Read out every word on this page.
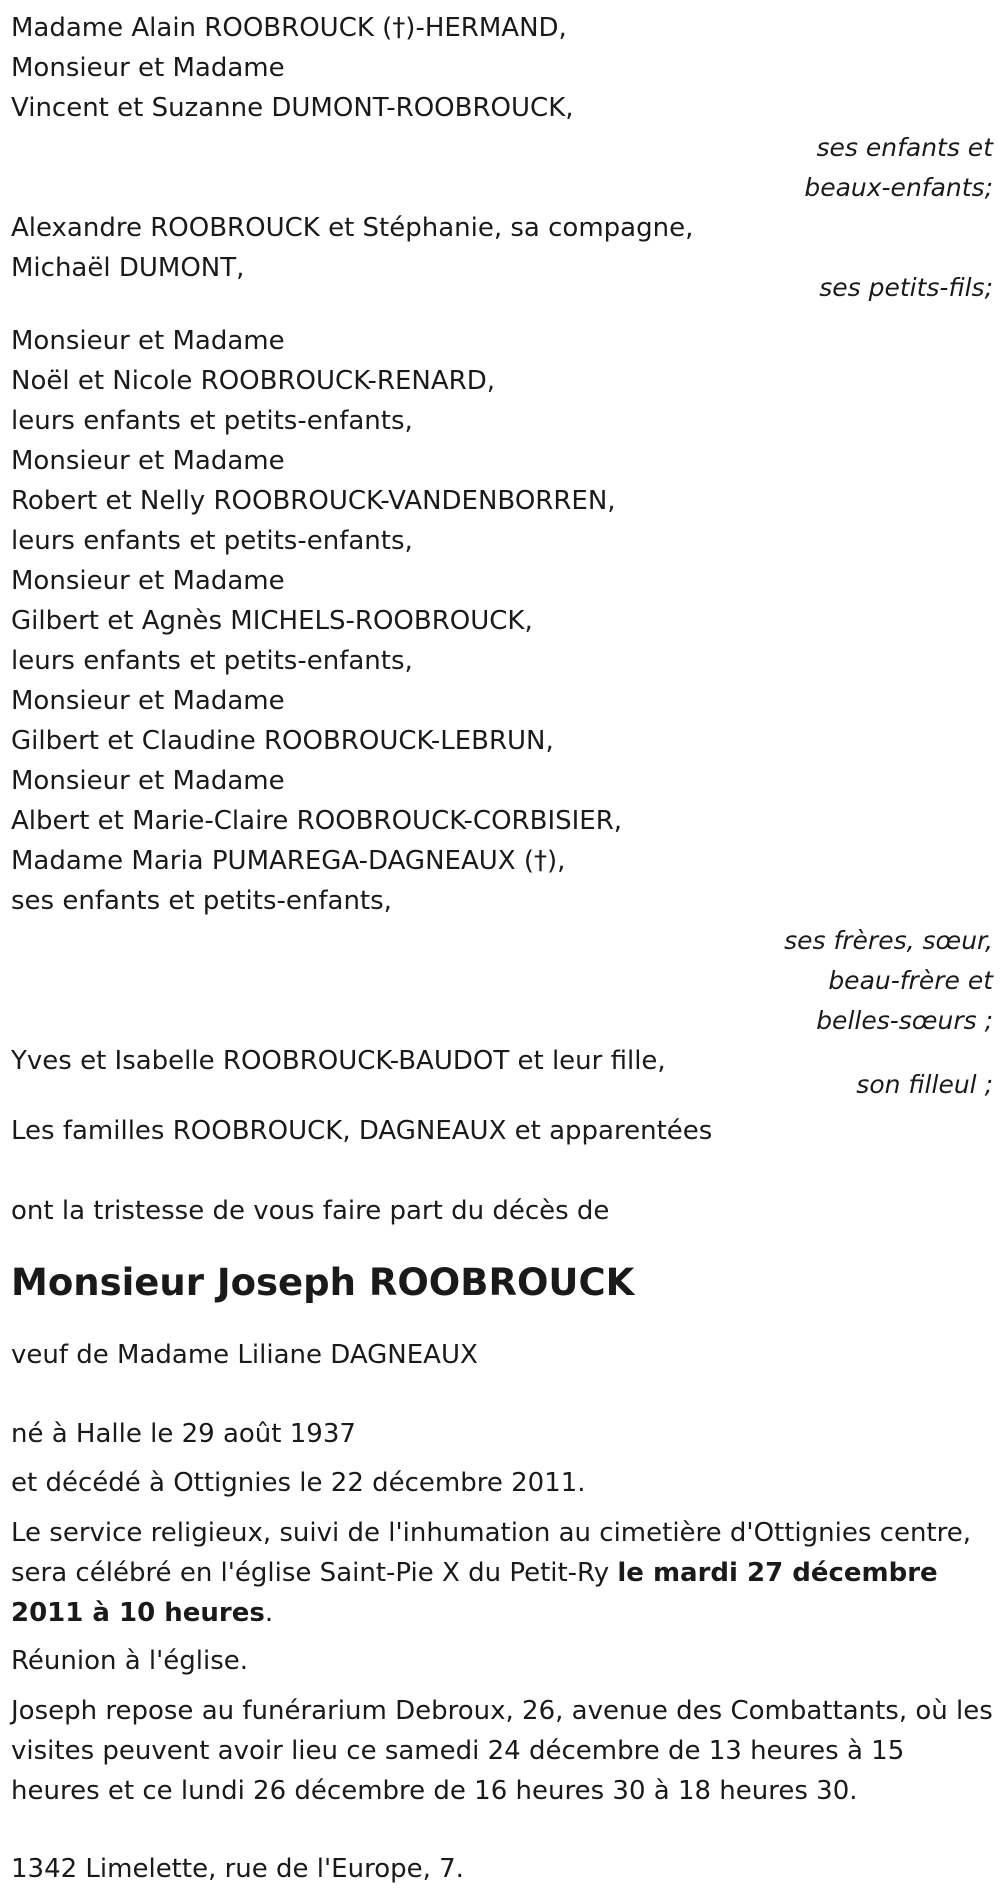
Madame Alain ROOBROUCK (†)-HERMAND,
Monsieur et Madame
Vincent et Suzanne DUMONT-ROOBROUCK,
ses enfants et
beaux-enfants;
Alexandre ROOBROUCK et Stéphanie, sa compagne,
Michaël DUMONT,
ses petits-fils;
Monsieur et Madame
Noël et Nicole ROOBROUCK-RENARD,
leurs enfants et petits-enfants,
Monsieur et Madame
Robert et Nelly ROOBROUCK-VANDENBORREN,
leurs enfants et petits-enfants,
Monsieur et Madame
Gilbert et Agnès MICHELS-ROOBROUCK,
leurs enfants et petits-enfants,
Monsieur et Madame
Gilbert et Claudine ROOBROUCK-LEBRUN,
Monsieur et Madame
Albert et Marie-Claire ROOBROUCK-CORBISIER,
Madame Maria PUMAREGA-DAGNEAUX (†),
ses enfants et petits-enfants,
ses frères, sœur,
beau-frère et
belles-sœurs ;
Yves et Isabelle ROOBROUCK-BAUDOT et leur fille,
son filleul ;
Les familles ROOBROUCK, DAGNEAUX et apparentées
ont la tristesse de vous faire part du décès de
Monsieur Joseph ROOBROUCK
veuf de Madame Liliane DAGNEAUX
né à Halle le 29 août 1937
et décédé à Ottignies le 22 décembre 2011.
Le service religieux, suivi de l'inhumation au cimetière d'Ottignies centre, sera célébré en l'église Saint-Pie X du Petit-Ry le mardi 27 décembre 2011 à 10 heures.
Réunion à l'église.
Joseph repose au funérarium Debroux, 26, avenue des Combattants, où les visites peuvent avoir lieu ce samedi 24 décembre de 13 heures à 15 heures et ce lundi 26 décembre de 16 heures 30 à 18 heures 30.
1342 Limelette, rue de l'Europe, 7.
